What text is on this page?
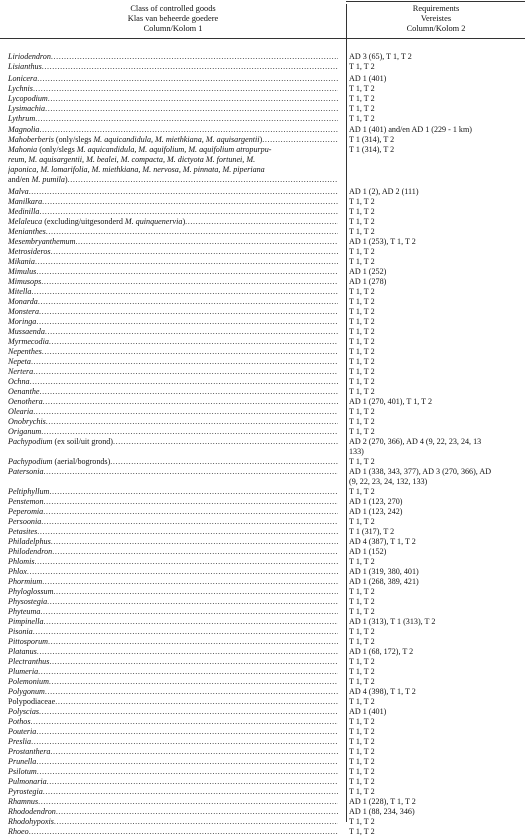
Class of controlled goods
Klas van beheerde goedere
Column/Kolom 1
Requirements
Vereistes
Column/Kolom 2
Liriodendron .....	AD 3 (65), T 1, T 2
Lisianthus .....	T 1, T 2
Lonicera .....	AD 1 (401)
Lychnis .....	T 1, T 2
Lycopodium .....	T 1, T 2
Lysimachia .....	T 1, T 2
Lythrum .....	T 1, T 2
Magnolia .....	AD 1 (401) and/en AD 1 (229 - 1 km)
Mahoberberis (only/slegs M. aquicandidula, M. miethkiana, M. aquisargentii) .....	T 1 (314), T 2
Mahonia (only/slegs M. aquicandidula, M. aquifolium, M. aquifolium atropurpu-
reum, M. aquisargentii, M. bealei, M. compacta, M. dictyota M. fortunei, M.
japonica, M. lomarifolia, M. miethkiana, M. nervosa, M. pinnata, M. piperiana
and/en M. pumila)
.....
T 1 (314), T 2
Malva .....	AD 1 (2), AD 2 (111)
Manilkara .....	T 1, T 2
Medinilla .....	T 1, T 2
Melaleuca (excluding/uitgesonderd M. quinquenervia) .....	T 1, T 2
Menianthes .....	T 1, T 2
Mesembryanthemum .....	AD 1 (253), T 1, T 2
Metrosideros .....	T 1, T 2
Mikania .....	T 1, T 2
Mimulus .....	AD 1 (252)
Mimusops .....	AD 1 (278)
Mitella .....	T 1, T 2
Monarda .....	T 1, T 2
Monstera .....	T 1, T 2
Moringa .....	T 1, T 2
Mussaenda .....	T 1, T 2
Myrmecodia .....	T 1, T 2
Nepenthes .....	T 1, T 2
Nepeta .....	T 1, T 2
Nertera .....	T 1, T 2
Ochna .....	T 1, T 2
Oenanthe .....	T 1, T 2
Oenothera .....	AD 1 (270, 401), T 1, T 2
Olearia .....	T 1, T 2
Onobrychis .....	T 1, T 2
Origanum .....	T 1, T 2
Pachypodium (ex soil/uit grond) .....	AD 2 (270, 366), AD 4 (9, 22, 23, 24, 13
133)
Pachypodium (aerial/bogronds) .....	T 1, T 2
Patersonia .....	AD 1 (338, 343, 377), AD 3 (270, 366), AD
(9, 22, 23, 24, 132, 133)
Peltiphyllum .....	T 1, T 2
Penstemon .....	AD 1 (123, 270)
Peperomia .....	AD 1 (123, 242)
Persoonia .....	T 1, T 2
Petasites .....	T 1 (317), T 2
Philadelphus .....	AD 4 (387), T 1, T 2
Philodendron .....	AD 1 (152)
Phlomis .....	T 1, T 2
Phlox .....	AD 1 (319, 380, 401)
Phormium .....	AD 1 (268, 389, 421)
Phyloglossum .....	T 1, T 2
Physostegia .....	T 1, T 2
Phyteuma .....	T 1, T 2
Pimpinella .....	AD 1 (313), T 1 (313), T 2
Pisonia .....	T 1, T 2
Pittosporum .....	T 1, T 2
Platanus .....	AD 1 (68, 172), T 2
Plectranthus .....	T 1, T 2
Plumeria .....	T 1, T 2
Polemonium .....	T 1, T 2
Polygonum .....	AD 4 (398), T 1, T 2
Polypodiaceae .....	T 1, T 2
Polyscias .....	AD 1 (401)
Pothos .....	T 1, T 2
Pouteria .....	T 1, T 2
Preslia .....	T 1, T 2
Prostanthera .....	T 1, T 2
Prunella .....	T 1, T 2
Psilotum .....	T 1, T 2
Pulmonaria .....	T 1, T 2
Pyrostegia .....	T 1, T 2
Rhamnus .....	AD 1 (228), T 1, T 2
Rhododendron .....	AD 1 (88, 234, 346)
Rhodohypoxis .....	T 1, T 2
Rhoeo .....	T 1, T 2
